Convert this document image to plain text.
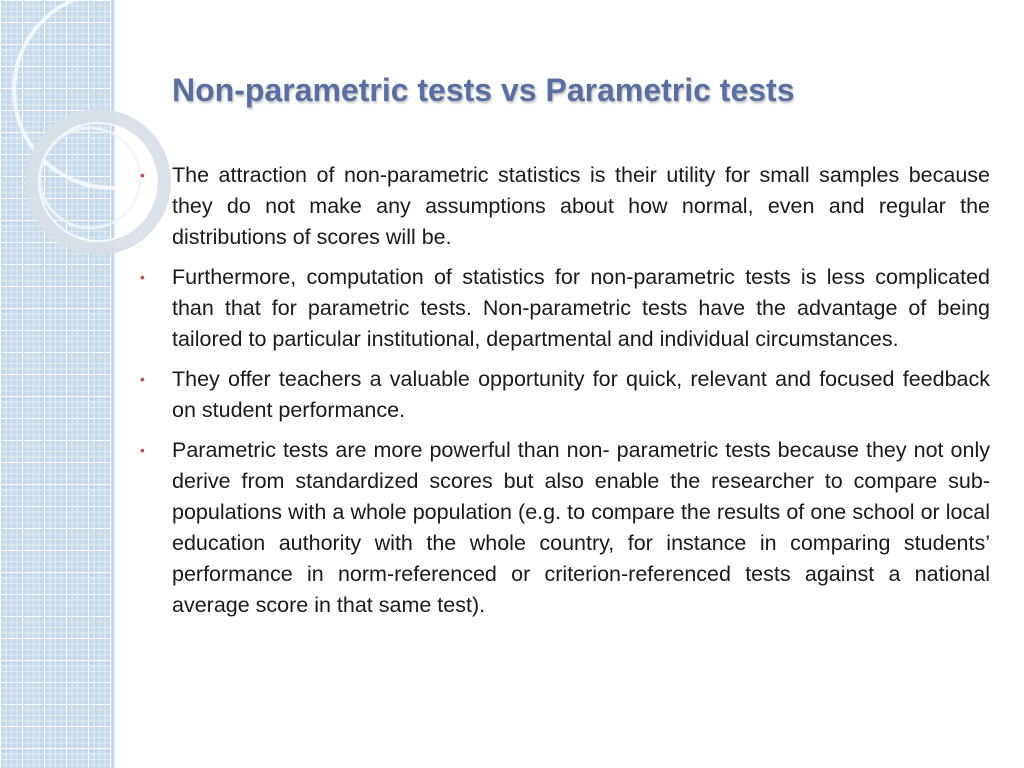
Non-parametric tests vs Parametric tests
• The attraction of non-parametric statistics is their utility for small samples because they do not make any assumptions about how normal, even and regular the distributions of scores will be.
• Furthermore, computation of statistics for non-parametric tests is less complicated than that for parametric tests. Non-parametric tests have the advantage of being tailored to particular institutional, departmental and individual circumstances.
• They offer teachers a valuable opportunity for quick, relevant and focused feedback on student performance.
• Parametric tests are more powerful than non- parametric tests because they not only derive from standardized scores but also enable the researcher to compare sub-populations with a whole population (e.g. to compare the results of one school or local education authority with the whole country, for instance in comparing students’ performance in norm-referenced or criterion-referenced tests against a national average score in that same test).
